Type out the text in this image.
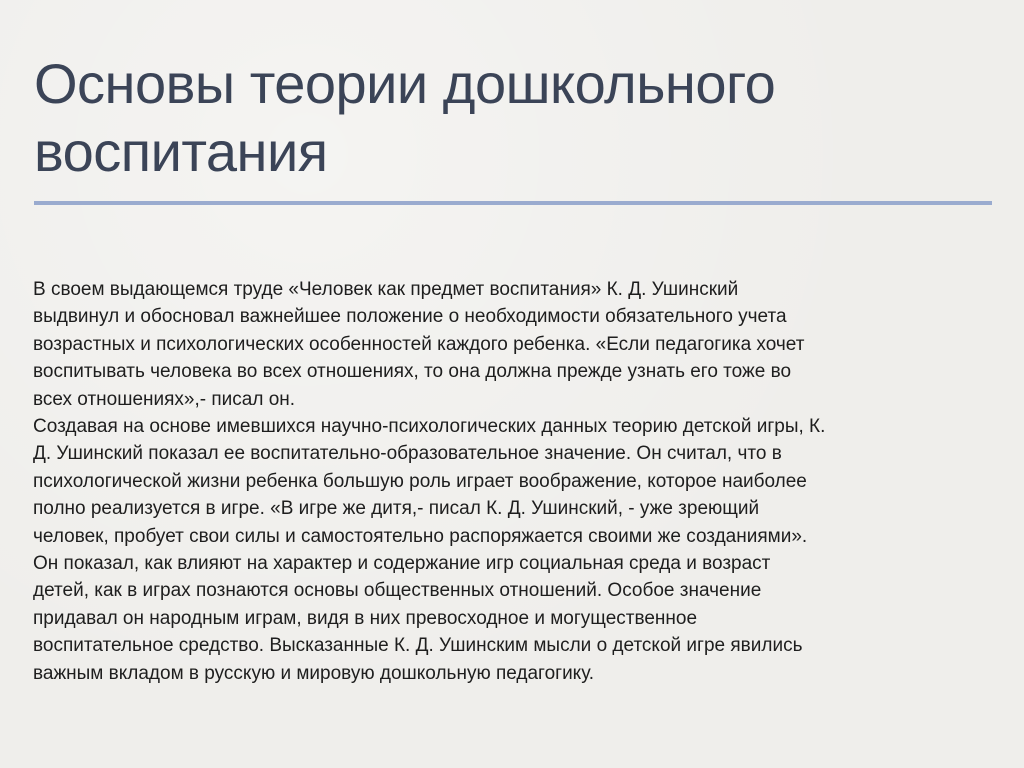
Основы теории дошкольного
воспитания
В своем выдающемся труде «Человек как предмет воспитания» К. Д. Ушинский
выдвинул и обосновал важнейшее положение о необходимости обязательного учета
возрастных и психологических особенностей каждого ребенка. «Если педагогика хочет
воспитывать человека во всех отношениях, то она должна прежде узнать его тоже во
всех отношениях»,- писал он.
Создавая на основе имевшихся научно-психологических данных теорию детской игры, К.
Д. Ушинский показал ее воспитательно-образовательное значение. Он считал, что в
психологической жизни ребенка большую роль играет воображение, которое наиболее
полно реализуется в игре. «В игре же дитя,- писал К. Д. Ушинский, - уже зреющий
человек, пробует свои силы и самостоятельно распоряжается своими же созданиями».
Он показал, как влияют на характер и содержание игр социальная среда и возраст
детей, как в играх познаются основы общественных отношений. Особое значение
придавал он народным играм, видя в них превосходное и могущественное
воспитательное средство. Высказанные К. Д. Ушинским мысли о детской игре явились
важным вкладом в русскую и мировую дошкольную педагогику.
